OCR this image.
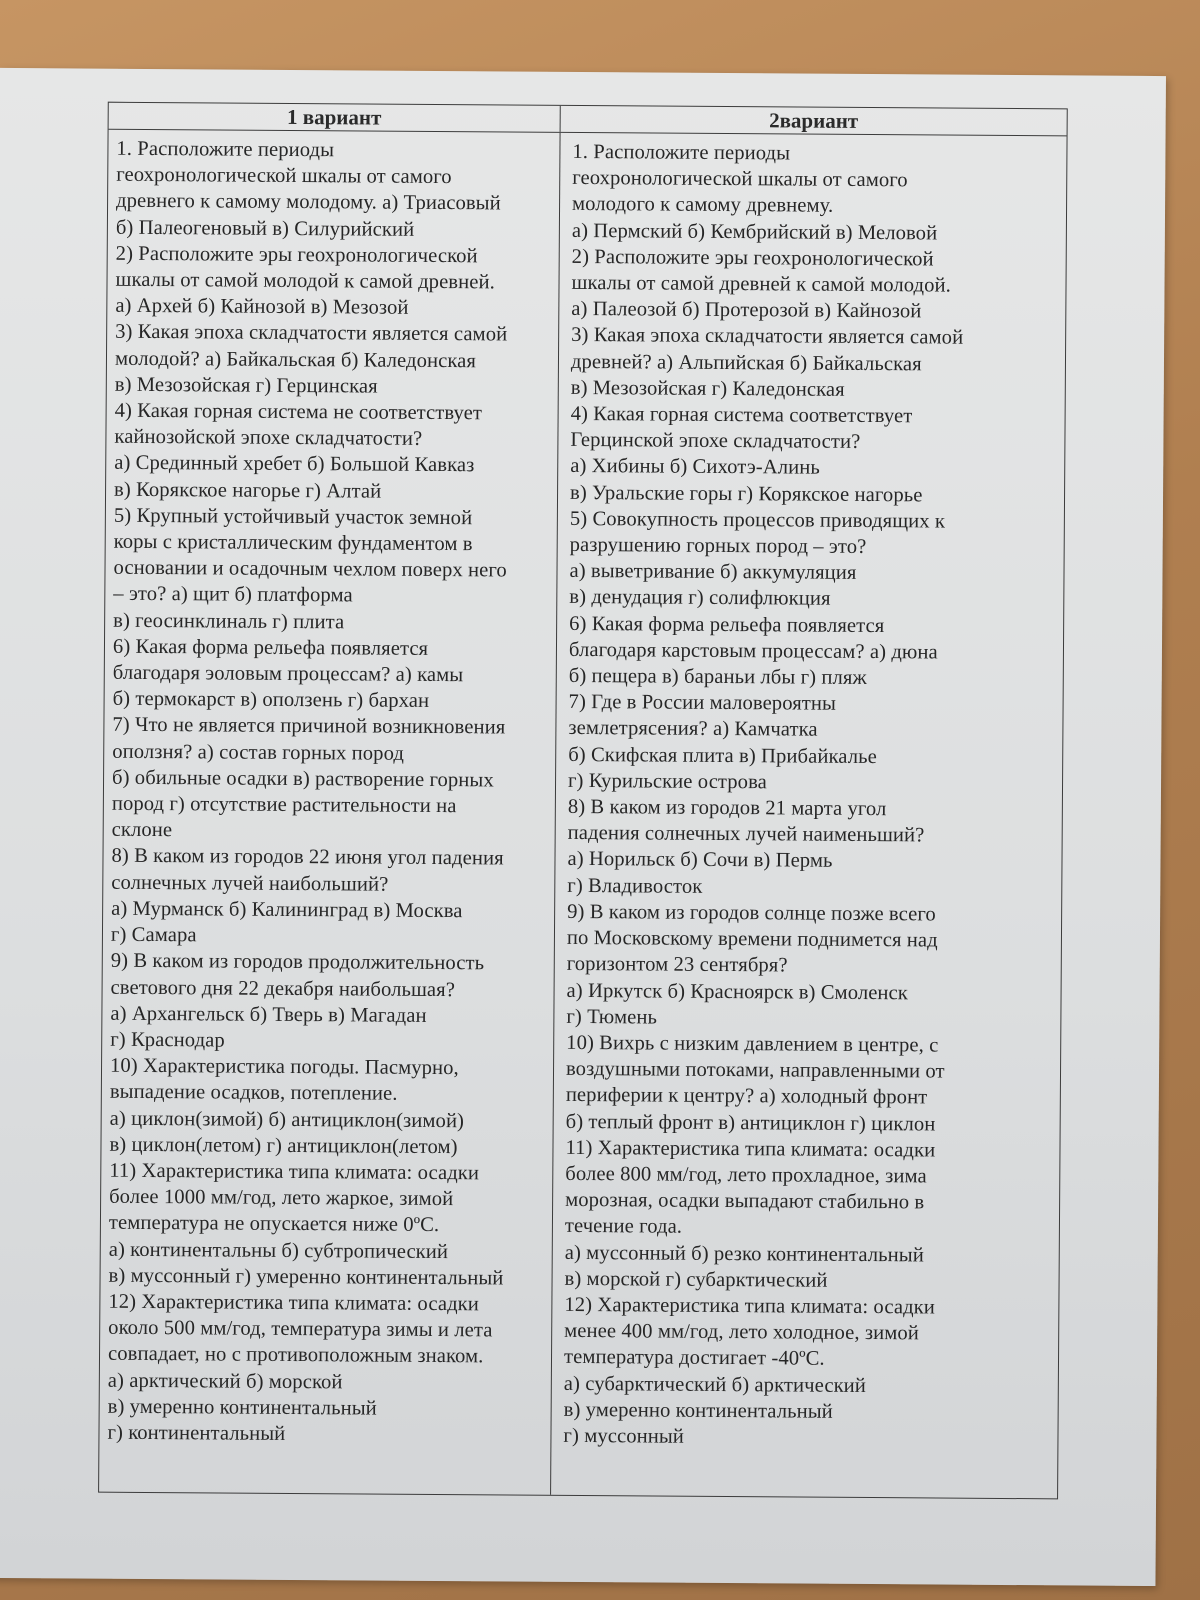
1 вариант	2вариант
1. Расположите периоды
геохронологической шкалы от самого
древнего к самому молодому. а) Триасовый
б) Палеогеновый в) Силурийский
2) Расположите эры геохронологической
шкалы от самой молодой к самой древней.
а) Архей б) Кайнозой в) Мезозой
3) Какая эпоха складчатости является самой
молодой? а) Байкальская б) Каледонская
в) Мезозойская г) Герцинская
4) Какая горная система не соответствует
кайнозойской эпохе складчатости?
а) Срединный хребет б) Большой Кавказ
в) Корякское нагорье г) Алтай
5) Крупный устойчивый участок земной
коры с кристаллическим фундаментом в
основании и осадочным чехлом поверх него
– это? а) щит б) платформа
в) геосинклиналь г) плита
6) Какая форма рельефа появляется
благодаря эоловым процессам? а) камы
б) термокарст в) оползень г) бархан
7) Что не является причиной возникновения
оползня? а) состав горных пород
б) обильные осадки в) растворение горных
пород г) отсутствие растительности на
склоне
8) В каком из городов 22 июня угол падения
солнечных лучей наибольший?
а) Мурманск б) Калининград в) Москва
г) Самара
9) В каком из городов продолжительность
светового дня 22 декабря наибольшая?
а) Архангельск б) Тверь в) Магадан
г) Краснодар
10) Характеристика погоды. Пасмурно,
выпадение осадков, потепление.
а) циклон(зимой) б) антициклон(зимой)
в) циклон(летом) г) антициклон(летом)
11) Характеристика типа климата: осадки
более 1000 мм/год, лето жаркое, зимой
температура не опускается ниже 0ºC.
а) континентальны б) субтропический
в) муссонный г) умеренно континентальный
12) Характеристика типа климата: осадки
около 500 мм/год, температура зимы и лета
совпадает, но с противоположным знаком.
а) арктический б) морской
в) умеренно континентальный
г) континентальный
1. Расположите периоды
геохронологической шкалы от самого
молодого к самому древнему.
а) Пермский б) Кембрийский в) Меловой
2) Расположите эры геохронологической
шкалы от самой древней к самой молодой.
а) Палеозой б) Протерозой в) Кайнозой
3) Какая эпоха складчатости является самой
древней? а) Альпийская б) Байкальская
в) Мезозойская г) Каледонская
4) Какая горная система соответствует
Герцинской эпохе складчатости?
а) Хибины б) Сихотэ-Алинь
в) Уральские горы г) Корякское нагорье
5) Совокупность процессов приводящих к
разрушению горных пород – это?
а) выветривание б) аккумуляция
в) денудация г) солифлюкция
6) Какая форма рельефа появляется
благодаря карстовым процессам? а) дюна
б) пещера в) бараньи лбы г) пляж
7) Где в России маловероятны
землетрясения? а) Камчатка
б) Скифская плита в) Прибайкалье
г) Курильские острова
8) В каком из городов 21 марта угол
падения солнечных лучей наименьший?
а) Норильск б) Сочи в) Пермь
г) Владивосток
9) В каком из городов солнце позже всего
по Московскому времени поднимется над
горизонтом 23 сентября?
а) Иркутск б) Красноярск в) Смоленск
г) Тюмень
10) Вихрь с низким давлением в центре, с
воздушными потоками, направленными от
периферии к центру? а) холодный фронт
б) теплый фронт в) антициклон г) циклон
11) Характеристика типа климата: осадки
более 800 мм/год, лето прохладное, зима
морозная, осадки выпадают стабильно в
течение года.
а) муссонный б) резко континентальный
в) морской г) субарктический
12) Характеристика типа климата: осадки
менее 400 мм/год, лето холодное, зимой
температура достигает -40ºC.
а) субарктический б) арктический
в) умеренно континентальный
г) муссонный
